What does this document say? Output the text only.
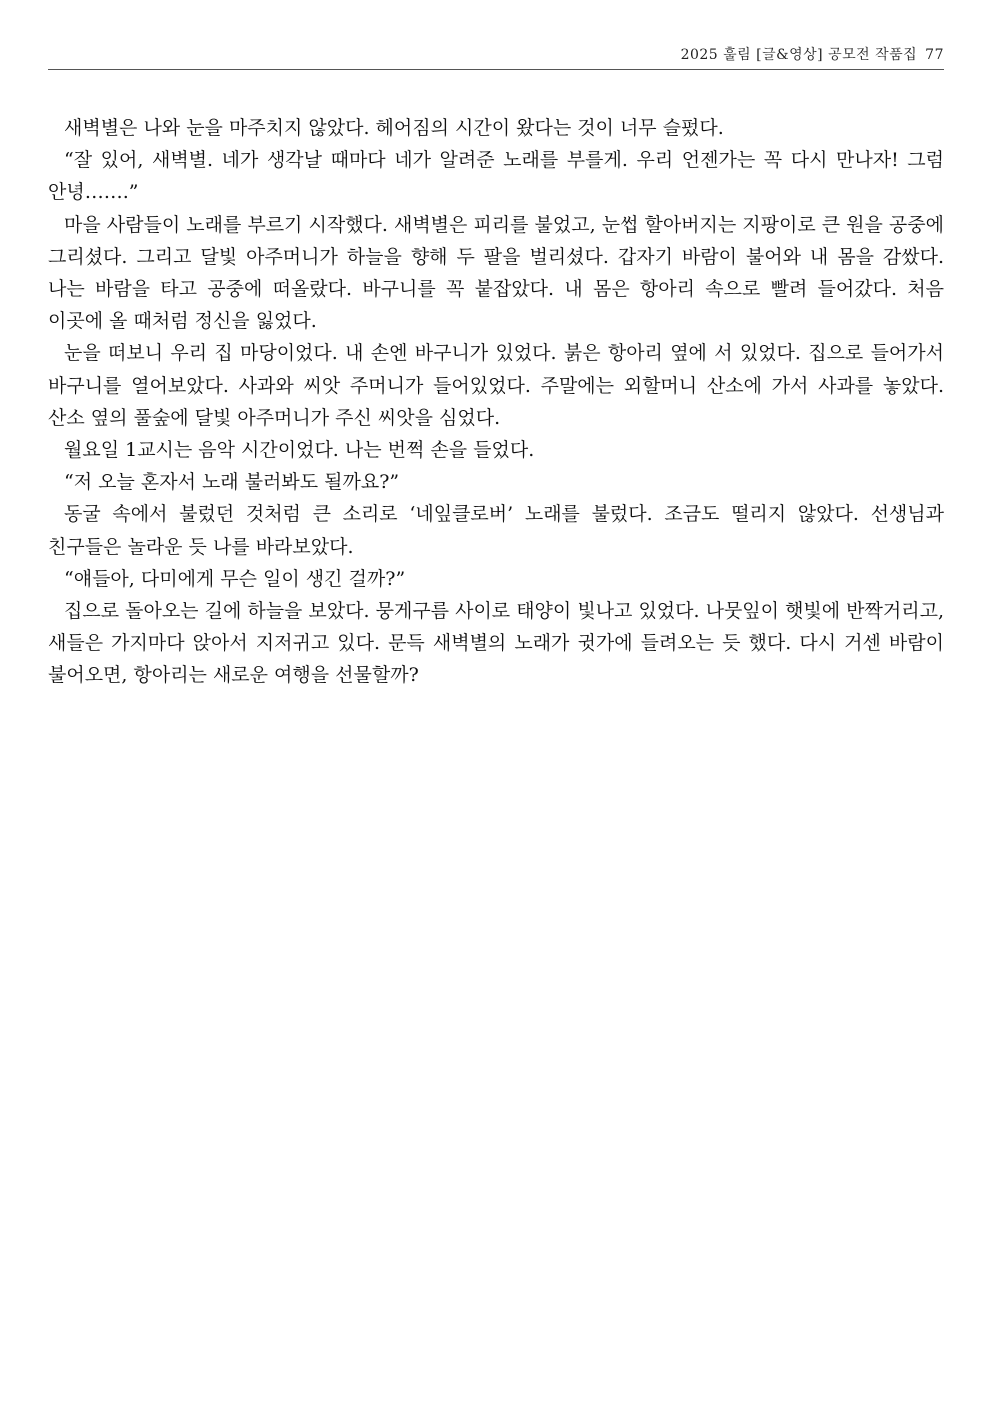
2025 훌림 [글&영상] 공모전 작품집 77

새벽별은 나와 눈을 마주치지 않았다. 헤어짐의 시간이 왔다는 것이 너무 슬펐다.

“잘 있어, 새벽별. 네가 생각날 때마다 네가 알려준 노래를 부를게. 우리 언젠가는 꼭 다시 만나자! 그럼 안녕…….”

마을 사람들이 노래를 부르기 시작했다. 새벽별은 피리를 불었고, 눈썹 할아버지는 지팡이로 큰 원을 공중에 그리셨다. 그리고 달빛 아주머니가 하늘을 향해 두 팔을 벌리셨다. 갑자기 바람이 불어와 내 몸을 감쌌다. 나는 바람을 타고 공중에 떠올랐다. 바구니를 꼭 붙잡았다. 내 몸은 항아리 속으로 빨려 들어갔다. 처음 이곳에 올 때처럼 정신을 잃었다.

눈을 떠보니 우리 집 마당이었다. 내 손엔 바구니가 있었다. 붉은 항아리 옆에 서 있었다. 집으로 들어가서 바구니를 열어보았다. 사과와 씨앗 주머니가 들어있었다. 주말에는 외할머니 산소에 가서 사과를 놓았다. 산소 옆의 풀숲에 달빛 아주머니가 주신 씨앗을 심었다.

월요일 1교시는 음악 시간이었다. 나는 번쩍 손을 들었다.

“저 오늘 혼자서 노래 불러봐도 될까요?”

동굴 속에서 불렀던 것처럼 큰 소리로 ‘네잎클로버’ 노래를 불렀다. 조금도 떨리지 않았다. 선생님과 친구들은 놀라운 듯 나를 바라보았다.

“얘들아, 다미에게 무슨 일이 생긴 걸까?”

집으로 돌아오는 길에 하늘을 보았다. 뭉게구름 사이로 태양이 빛나고 있었다. 나뭇잎이 햇빛에 반짝거리고, 새들은 가지마다 앉아서 지저귀고 있다. 문득 새벽별의 노래가 귓가에 들려오는 듯 했다. 다시 거센 바람이 불어오면, 항아리는 새로운 여행을 선물할까?
